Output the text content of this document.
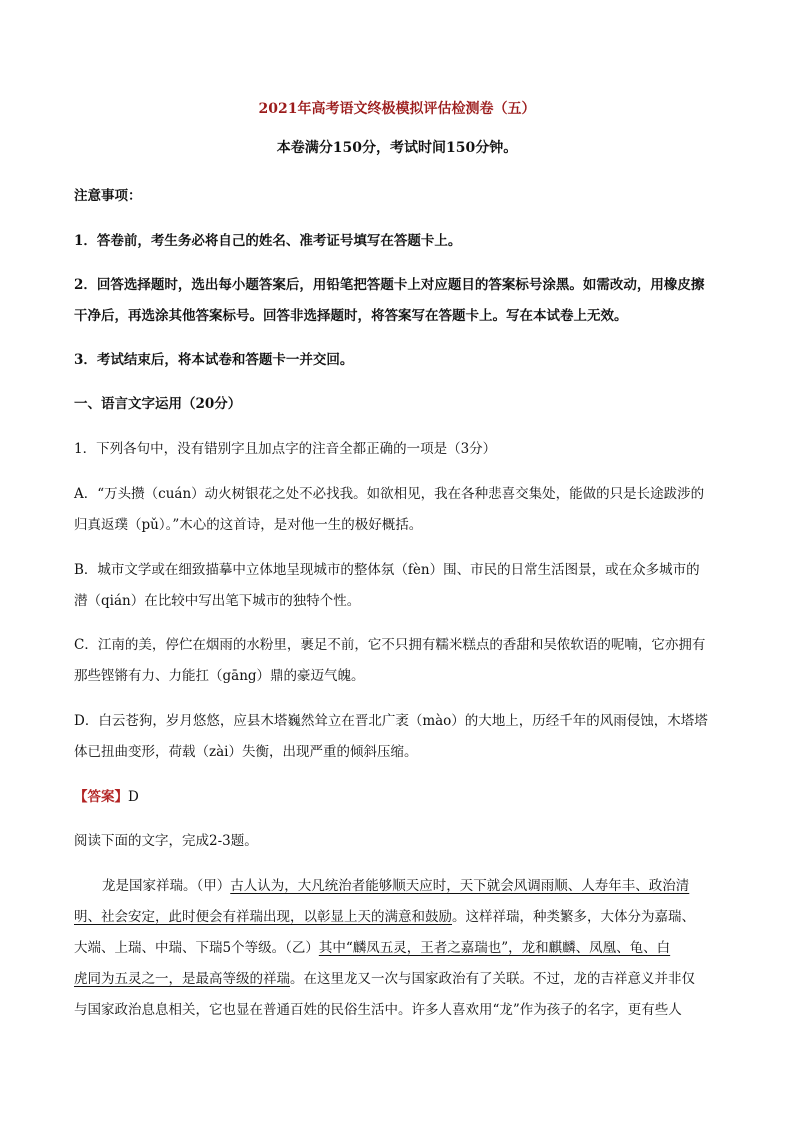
2021年高考语文终极模拟评估检测卷（五）
本卷满分150分，考试时间150分钟。
注意事项：
1．答卷前，考生务必将自己的姓名、准考证号填写在答题卡上。
2．回答选择题时，选出每小题答案后，用铅笔把答题卡上对应题目的答案标号涂黑。如需改动，用橡皮擦
干净后，再选涂其他答案标号。回答非选择题时，将答案写在答题卡上。写在本试卷上无效。
3．考试结束后，将本试卷和答题卡一并交回。
一、语言文字运用（20分）
1．下列各句中，没有错别字且加点字的注音全都正确的一项是（3分）
A．“万头攒（cuán）动火树银花之处不必找我。如欲相见，我在各种悲喜交集处，能做的只是长途跋涉的
归真返璞（pǔ）。”木心的这首诗，是对他一生的极好概括。
B．城市文学或在细致描摹中立体地呈现城市的整体氛（fèn）围、市民的日常生活图景，或在众多城市的
潜（qián）在比较中写出笔下城市的独特个性。
C．江南的美，停伫在烟雨的水粉里，裹足不前，它不只拥有糯米糕点的香甜和吴侬软语的呢喃，它亦拥有
那些铿锵有力、力能扛（gāng）鼎的豪迈气魄。
D．白云苍狗，岁月悠悠，应县木塔巍然耸立在晋北广袤（mào）的大地上，历经千年的风雨侵蚀，木塔塔
体已扭曲变形，荷载（zài）失衡，出现严重的倾斜压缩。
【答案】D
阅读下面的文字，完成2-3题。
龙是国家祥瑞。（甲）古人认为，大凡统治者能够顺天应时，天下就会风调雨顺、人寿年丰、政治清
明、社会安定，此时便会有祥瑞出现，以彰显上天的满意和鼓励。这样祥瑞，种类繁多，大体分为嘉瑞、
大端、上瑞、中瑞、下瑞5个等级。（乙）其中“麟凤五灵，王者之嘉瑞也”，龙和麒麟、凤凰、龟、白
虎同为五灵之一，是最高等级的祥瑞。在这里龙又一次与国家政治有了关联。不过，龙的吉祥意义并非仅
与国家政治息息相关，它也显在普通百姓的民俗生活中。许多人喜欢用“龙”作为孩子的名字，更有些人
